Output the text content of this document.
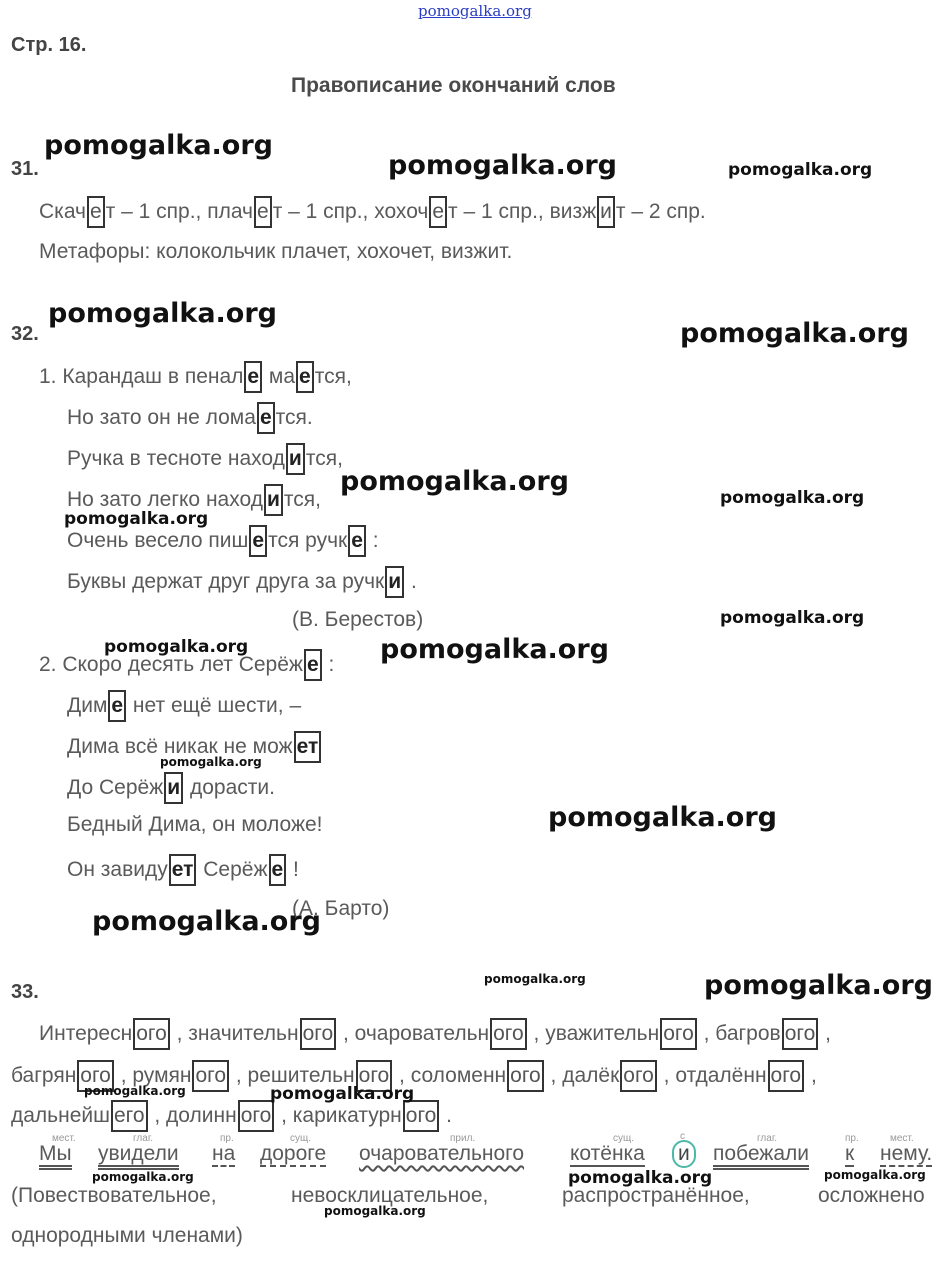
pomogalka.org
Стр. 16.
Правописание окончаний слов
31.
Скач е т – 1 спр., плач е т – 1 спр., хохоч е т – 1 спр., визж и т – 2 спр.
Метафоры: колокольчик плачет, хохочет, визжит.
32.
1. Карандаш в пенал е ма е тся,
Но зато он не лома е тся.
Ручка в тесноте наход и тся,
Но зато легко наход и тся,
Очень весело пиш е тся ручк е :
Буквы держат друг друга за ручк и .
(В. Берестов)
2. Скоро десять лет Серёж е :
Дим е нет ещё шести, –
Дима всё никак не мож ет
До Серёж и дорасти.
Бедный Дима, он моложе!
Он завиду ет Серёж е !
(А. Барто)
33.
Интересн ого , значительн ого , очаровательн ого , уважительн ого , багров ого ,
багрян ого , румян ого , решительн ого , соломенн ого , далёк ого , отдалённ ого ,
дальнейш его , долинн ого , карикатурн ого .
мест.	глаг.	пр.	сущ.	прил.	сущ.	с	глаг.	пр.	мест.
Мы увидели на дороге очаровательного котёнка и побежали к нему.
(Повествовательное,	невосклицательное,	распространённое,	осложнено
однородными членами)
pomogalka.org
pomogalka.org	pomogalka.org
pomogalka.org
pomogalka.org
pomogalka.org
pomogalka.org
pomogalka.org
pomogalka.org
pomogalka.org	pomogalka.org
pomogalka.org
pomogalka.org
pomogalka.org
pomogalka.org	pomogalka.org
pomogalka.org	pomogalka.org
pomogalka.org	pomogalka.org	pomogalka.org
pomogalka.org
